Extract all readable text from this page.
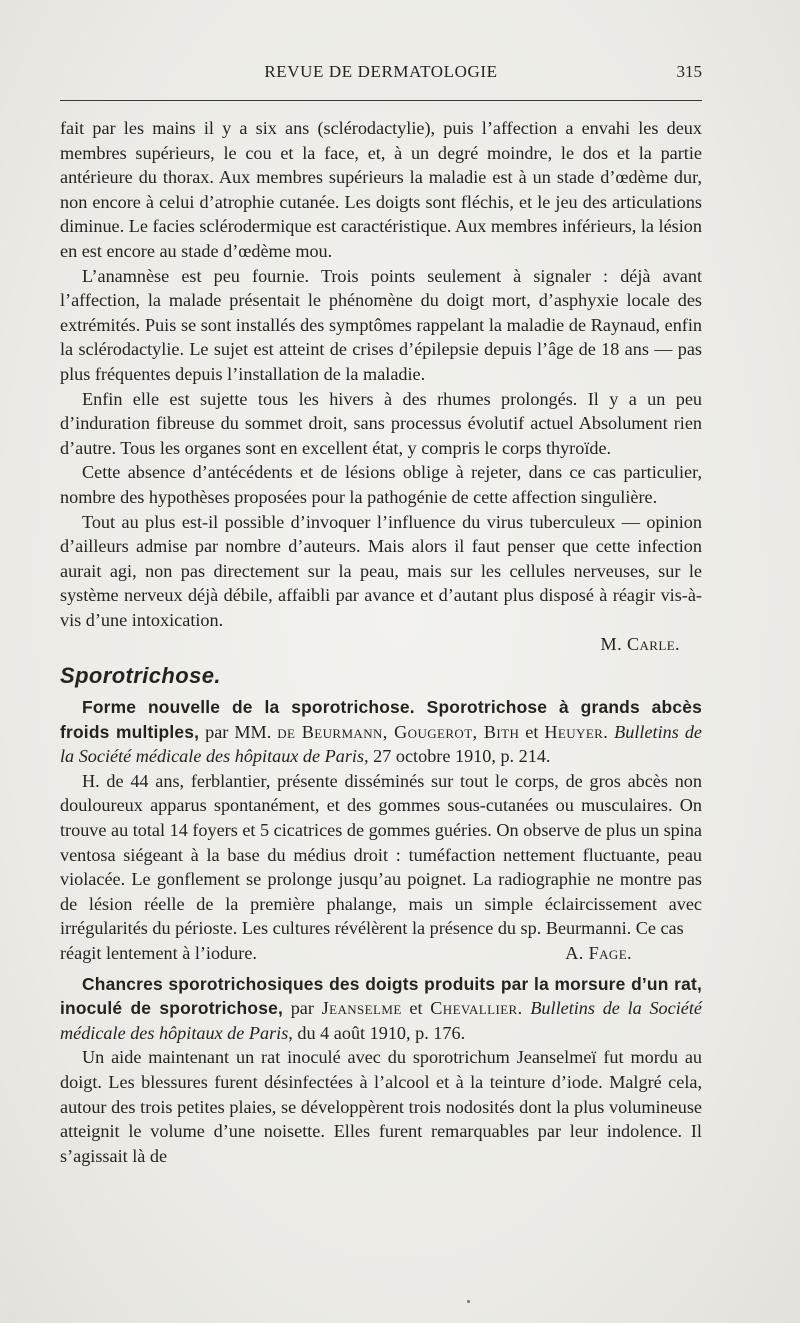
REVUE DE DERMATOLOGIE	315

fait par les mains il y a six ans (sclérodactylie), puis l’affection a envahi les deux membres supérieurs, le cou et la face, et, à un degré moindre, le dos et la partie antérieure du thorax. Aux membres supérieurs la maladie est à un stade d’œdème dur, non encore à celui d’atrophie cutanée. Les doigts sont fléchis, et le jeu des articulations diminue. Le facies sclérodermique est caractéristique. Aux membres inférieurs, la lésion en est encore au stade d’œdème mou.

L’anamnèse est peu fournie. Trois points seulement à signaler : déjà avant l’affection, la malade présentait le phénomène du doigt mort, d’asphyxie locale des extrémités. Puis se sont installés des symptômes rappelant la maladie de Raynaud, enfin la sclérodactylie. Le sujet est atteint de crises d’épilepsie depuis l’âge de 18 ans — pas plus fréquentes depuis l’installation de la maladie.

Enfin elle est sujette tous les hivers à des rhumes prolongés. Il y a un peu d’induration fibreuse du sommet droit, sans processus évolutif actuel Absolument rien d’autre. Tous les organes sont en excellent état, y compris le corps thyroïde.

Cette absence d’antécédents et de lésions oblige à rejeter, dans ce cas particulier, nombre des hypothèses proposées pour la pathogénie de cette affection singulière.

Tout au plus est-il possible d’invoquer l’influence du virus tuberculeux — opinion d’ailleurs admise par nombre d’auteurs. Mais alors il faut penser que cette infection aurait agi, non pas directement sur la peau, mais sur les cellules nerveuses, sur le système nerveux déjà débile, affaibli par avance et d’autant plus disposé à réagir vis-à-vis d’une intoxication.

M. Carle.

Sporotrichose.

Forme nouvelle de la sporotrichose. Sporotrichose à grands abcès froids multiples, par MM. de Beurmann, Gougerot, Bith et Heuyer. Bulletins de la Société médicale des hôpitaux de Paris, 27 octobre 1910, p. 214.

H. de 44 ans, ferblantier, présente disséminés sur tout le corps, de gros abcès non douloureux apparus spontanément, et des gommes sous-cutanées ou musculaires. On trouve au total 14 foyers et 5 cicatrices de gommes guéries. On observe de plus un spina ventosa siégeant à la base du médius droit : tuméfaction nettement fluctuante, peau violacée. Le gonflement se prolonge jusqu’au poignet. La radiographie ne montre pas de lésion réelle de la première phalange, mais un simple éclaircissement avec irrégularités du périoste. Les cultures révélèrent la présence du sp. Beurmanni. Ce cas

réagit lentement à l’iodure.	A. Fage.

Chancres sporotrichosiques des doigts produits par la morsure d’un rat, inoculé de sporotrichose, par Jeanselme et Chevallier. Bulletins de la Société médicale des hôpitaux de Paris, du 4 août 1910, p. 176.

Un aide maintenant un rat inoculé avec du sporotrichum Jeanselmeï fut mordu au doigt. Les blessures furent désinfectées à l’alcool et à la teinture d’iode. Malgré cela, autour des trois petites plaies, se développèrent trois nodosités dont la plus volumineuse atteignit le volume d’une noisette. Elles furent remarquables par leur indolence. Il s’agissait là de
